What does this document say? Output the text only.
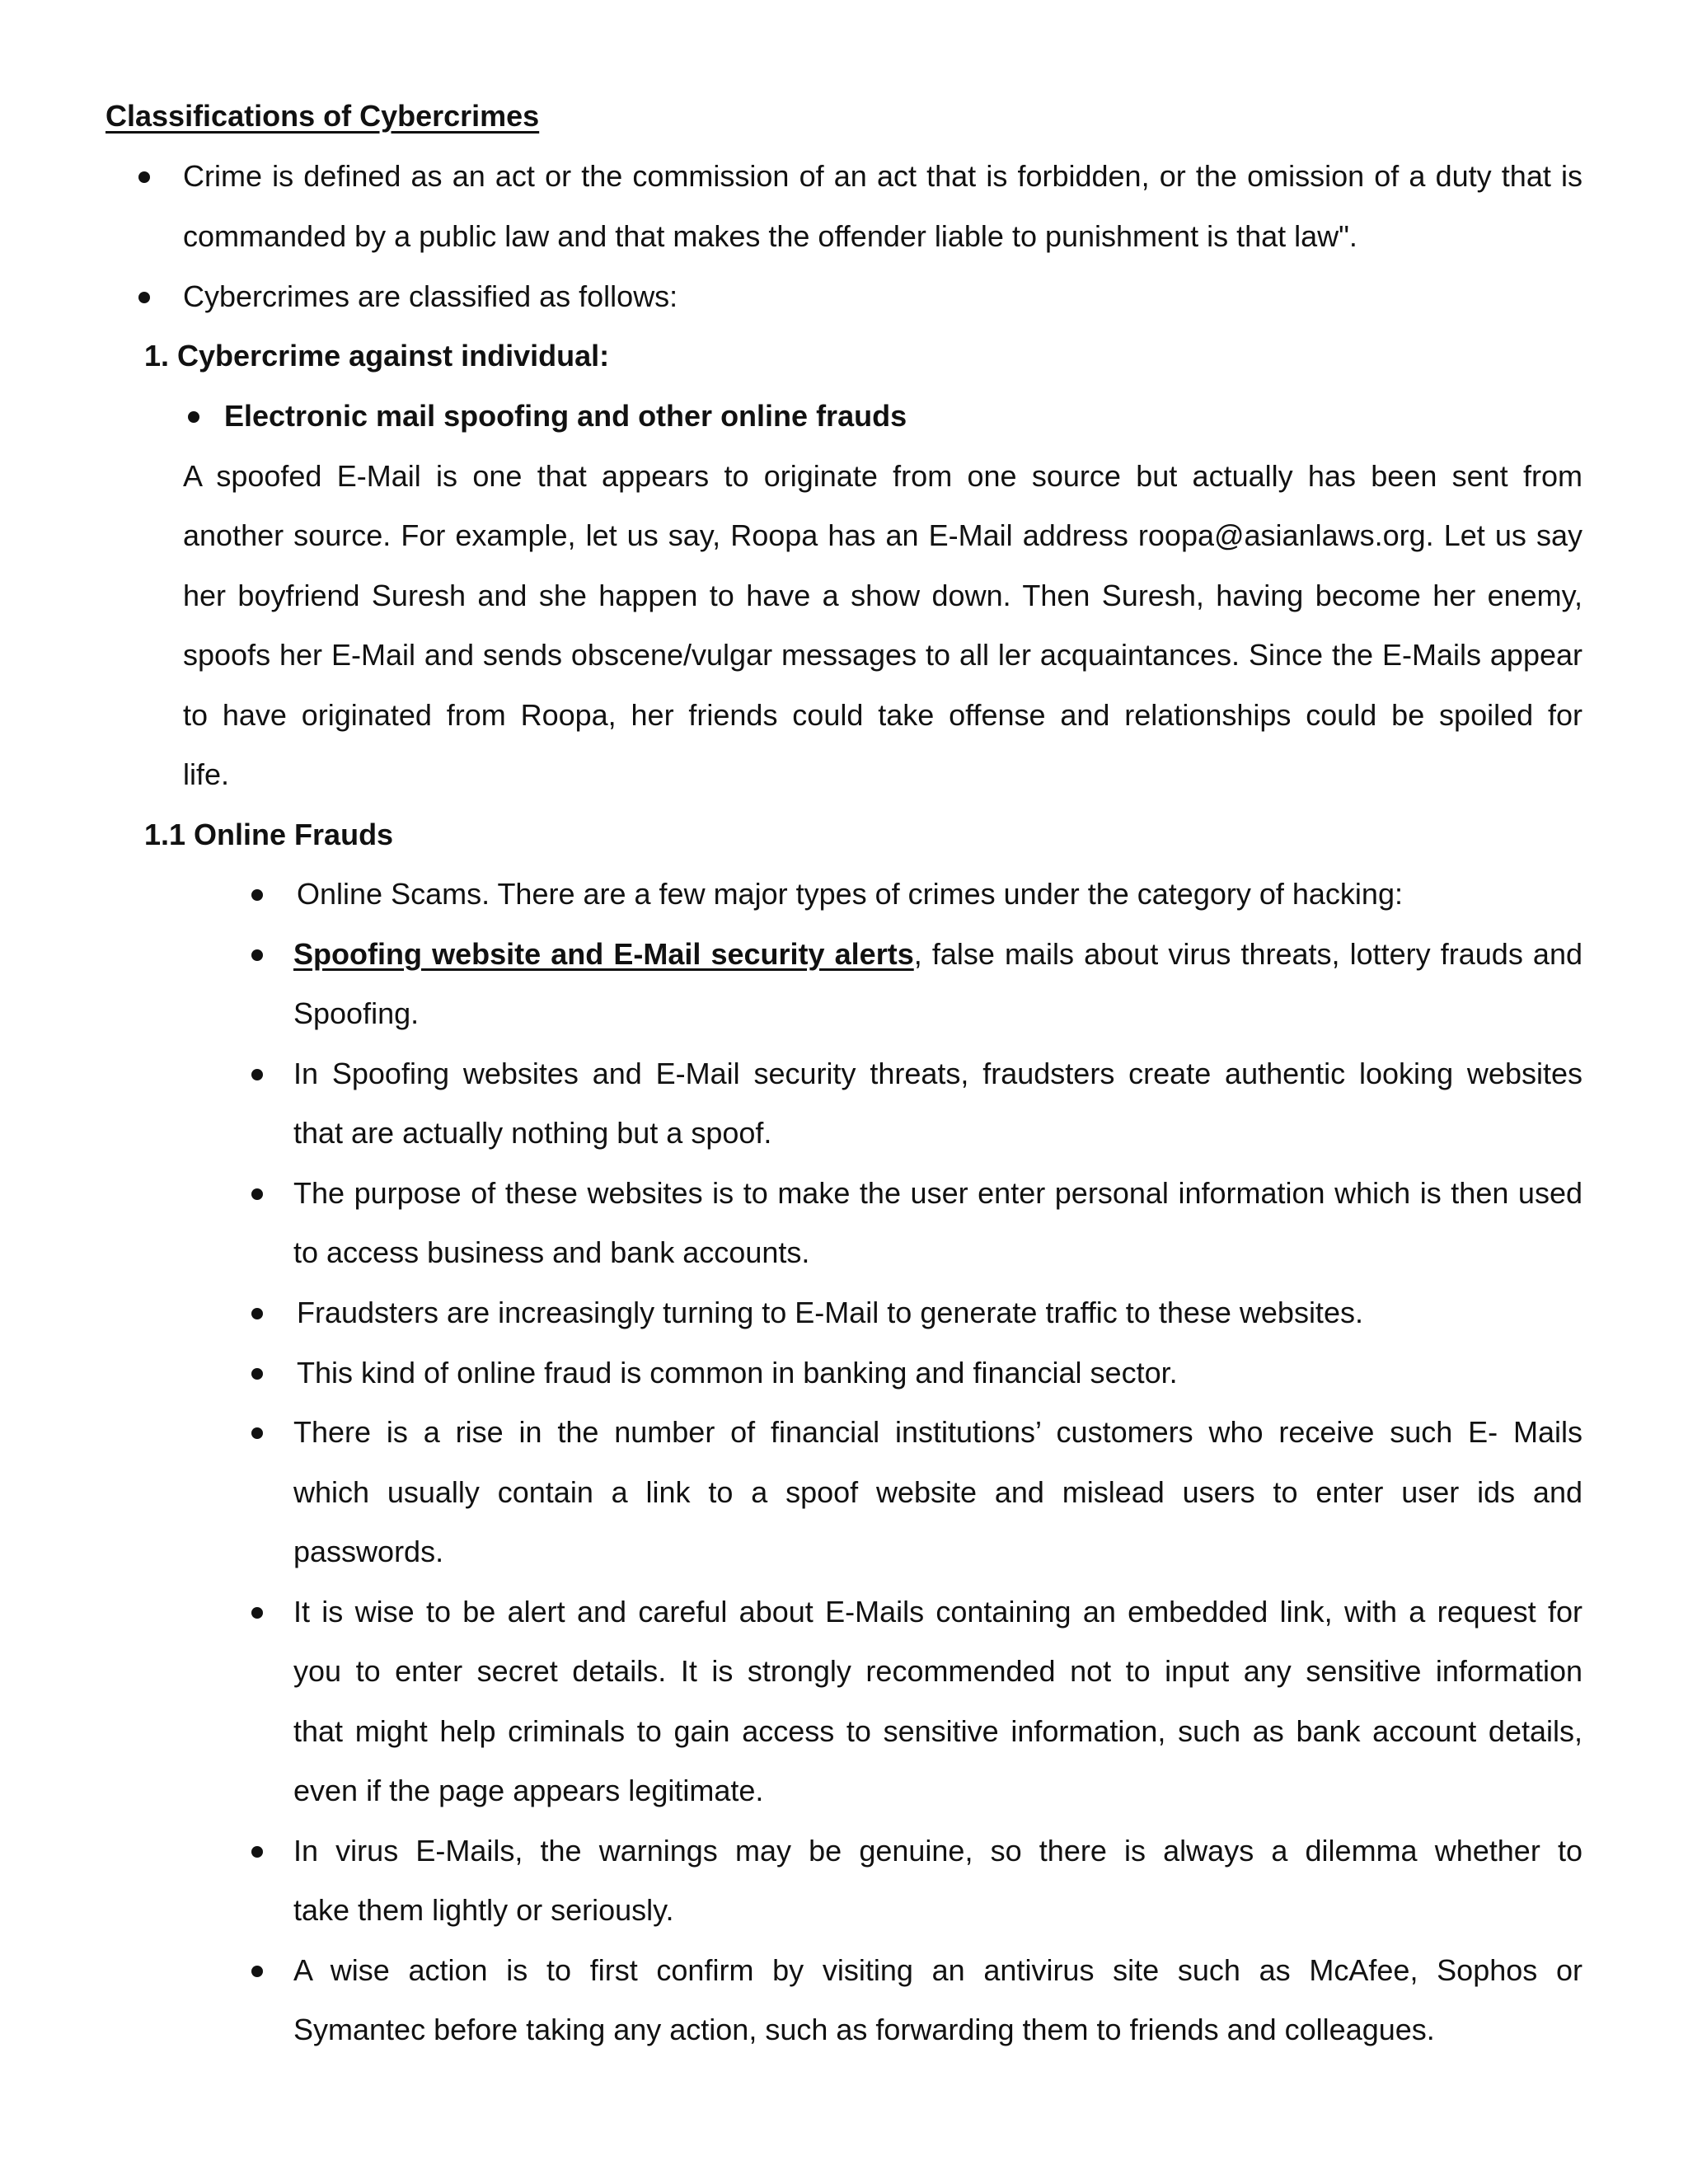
Classifications of Cybercrimes
Crime is defined as an act or the commission of an act that is forbidden, or the omission of a duty that is
commanded by a public law and that makes the offender liable to punishment is that law".
Cybercrimes are classified as follows:
1. Cybercrime against individual:
Electronic mail spoofing and other online frauds
A spoofed E-Mail is one that appears to originate from one source but actually has been sent from
another source. For example, let us say, Roopa has an E-Mail address roopa@asianlaws.org. Let us say
her boyfriend Suresh and she happen to have a show down. Then Suresh, having become her enemy,
spoofs her E-Mail and sends obscene/vulgar messages to all ler acquaintances. Since the E-Mails appear
to have originated from Roopa, her friends could take offense and relationships could be spoiled for
life.
1.1 Online Frauds
Online Scams. There are a few major types of crimes under the category of hacking:
Spoofing website and E-Mail security alerts, false mails about virus threats, lottery frauds and
Spoofing.
In Spoofing websites and E-Mail security threats, fraudsters create authentic looking websites
that are actually nothing but a spoof.
The purpose of these websites is to make the user enter personal information which is then used
to access business and bank accounts.
Fraudsters are increasingly turning to E-Mail to generate traffic to these websites.
This kind of online fraud is common in banking and financial sector.
There is a rise in the number of financial institutions’ customers who receive such E- Mails
which usually contain a link to a spoof website and mislead users to enter user ids and
passwords.
It is wise to be alert and careful about E-Mails containing an embedded link, with a request for
you to enter secret details. It is strongly recommended not to input any sensitive information
that might help criminals to gain access to sensitive information, such as bank account details,
even if the page appears legitimate.
In virus E-Mails, the warnings may be genuine, so there is always a dilemma whether to
take them lightly or seriously.
A wise action is to first confirm by visiting an antivirus site such as McAfee, Sophos or
Symantec before taking any action, such as forwarding them to friends and colleagues.
